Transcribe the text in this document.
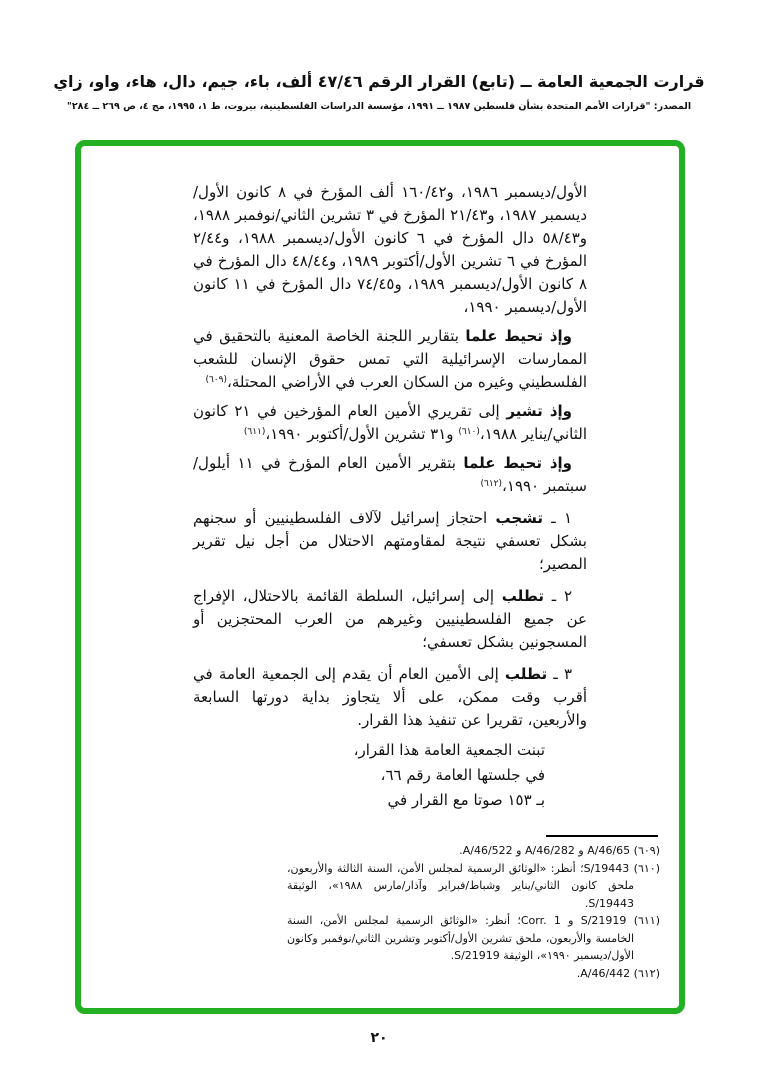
قرارت الجمعية العامة ــ (تابع) القرار الرقم ٤٧/٤٦ ألف، باء، جيم، دال، هاء، واو، زاي
المصدر: "قرارات الأمم المتحدة بشأن فلسطين ١٩٨٧ ــ ١٩٩١، مؤسسة الدراسات الفلسطينية، بيروت، ط ١، ١٩٩٥، مج ٤، ص ٢٦٩ ــ ٢٨٤"

الأول/ديسمبر ١٩٨٦، و١٦٠/٤٢ ألف المؤرخ في ٨ كانون الأول/ديسمبر ١٩٨٧، و٢١/٤٣ المؤرخ في ٣ تشرين الثاني/نوفمبر ١٩٨٨، و٥٨/٤٣ دال المؤرخ في ٦ كانون الأول/ديسمبر ١٩٨٨، و٢/٤٤ المؤرخ في ٦ تشرين الأول/أكتوبر ١٩٨٩، و٤٨/٤٤ دال المؤرخ في ٨ كانون الأول/ديسمبر ١٩٨٩، و٧٤/٤٥ دال المؤرخ في ١١ كانون الأول/ديسمبر ١٩٩٠،

وإذ تحيط علما بتقارير اللجنة الخاصة المعنية بالتحقيق في الممارسات الإسرائيلية التي تمس حقوق الإنسان للشعب الفلسطيني وغيره من السكان العرب في الأراضي المحتلة،$^{(٦٠٩)}$

وإذ تشير إلى تقريري الأمين العام المؤرخين في ٢١ كانون الثاني/يناير ١٩٨٨،$^{(٦١٠)}$ و٣١ تشرين الأول/أكتوبر ١٩٩٠،$^{(٦١١)}$

وإذ تحيط علما بتقرير الأمين العام المؤرخ في ١١ أيلول/سبتمبر ١٩٩٠،$^{(٦١٢)}$

١ ـ تشجب احتجاز إسرائيل لآلاف الفلسطينيين أو سجنهم بشكل تعسفي نتيجة لمقاومتهم الاحتلال من أجل نيل تقرير المصير؛

٢ ـ تطلب إلى إسرائيل، السلطة القائمة بالاحتلال، الإفراج عن جميع الفلسطينيين وغيرهم من العرب المحتجزين أو المسجونين بشكل تعسفي؛

٣ ـ تطلب إلى الأمين العام أن يقدم إلى الجمعية العامة في أقرب وقت ممكن، على ألا يتجاوز بداية دورتها السابعة والأربعين، تقريرا عن تنفيذ هذا القرار.

تبنت الجمعية العامة هذا القرار،
في جلستها العامة رقم ٦٦،
بـ ١٥٣ صوتا مع القرار في

(٦٠٩) A/46/65 و A/46/282 و A/46/522.

(٦١٠) S/19443؛ أنظر: «الوثائق الرسمية لمجلس الأمن، السنة الثالثة والأربعون، ملحق كانون الثاني/يناير وشباط/فبراير وآذار/مارس ١٩٨٨»، الوثيقة S/19443.

(٦١١) S/21919 و Corr. 1؛ أنظر: «الوثائق الرسمية لمجلس الأمن، السنة الخامسة والأربعون، ملحق تشرين الأول/أكتوبر وتشرين الثاني/نوفمبر وكانون الأول/ديسمبر ١٩٩٠»، الوثيقة S/21919.

(٦١٢) A/46/442.

٢٠
